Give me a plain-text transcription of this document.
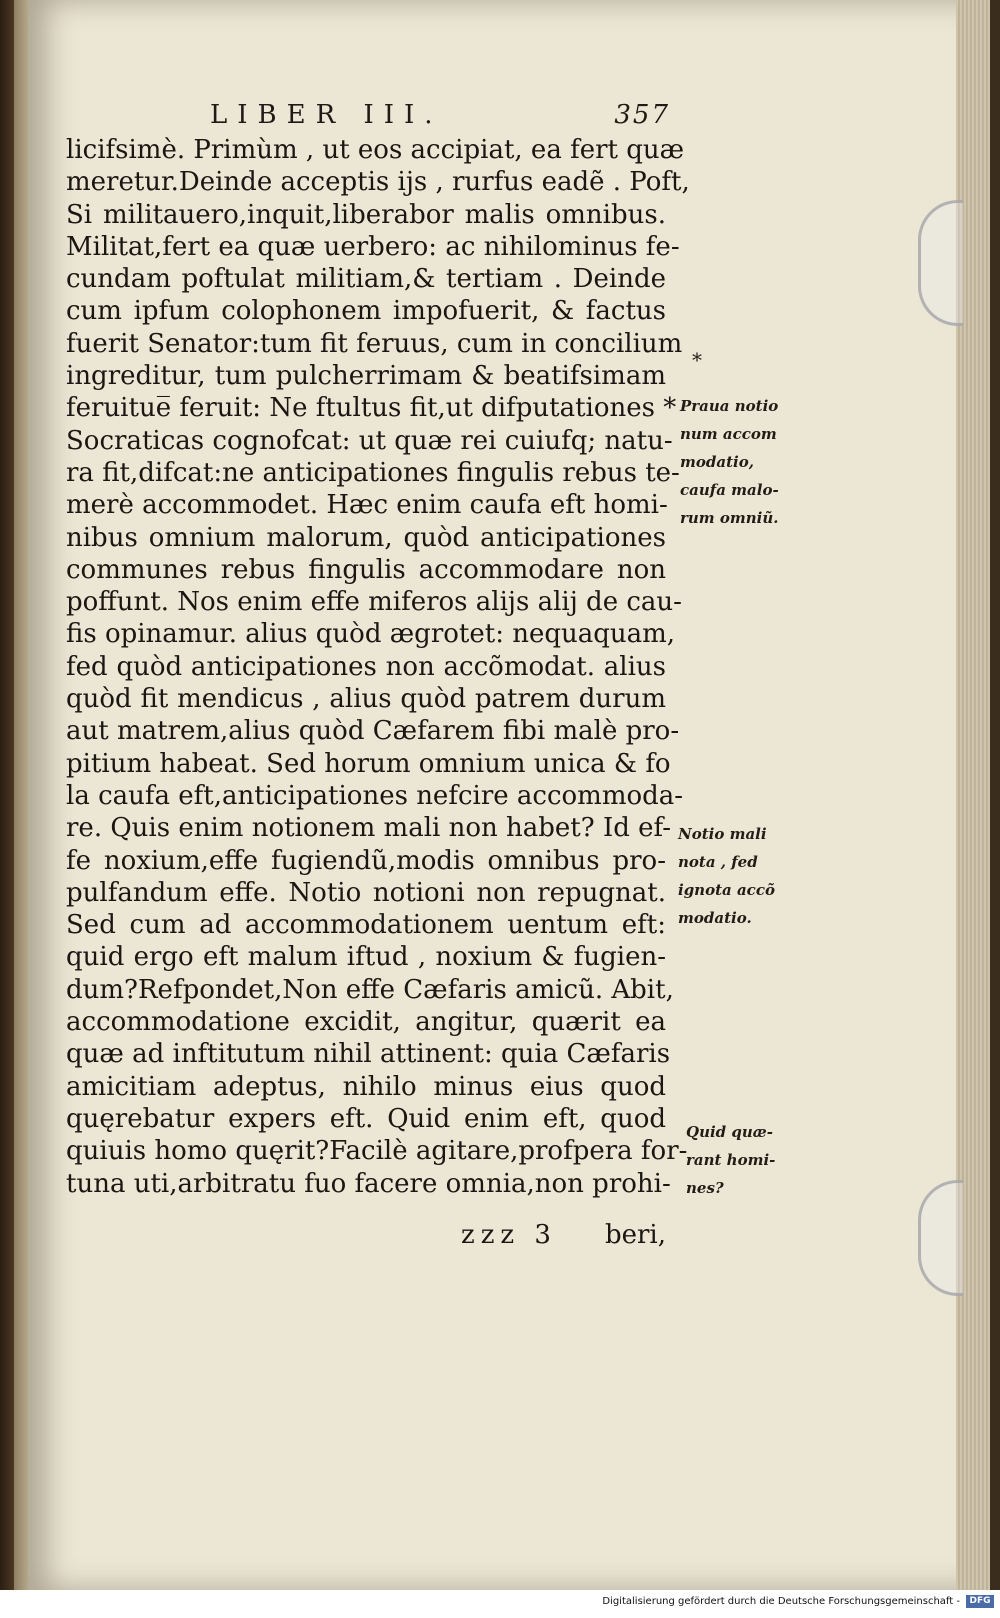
LIBER III.	357
licifsimè. Primùm , ut eos accipiat, ea fert quæ
meretur.Deinde acceptis ijs , rurfus eadẽ . Poft,
Si militauero,inquit,liberabor malis omnibus.
Militat,fert ea quæ uerbero: ac nihilominus fe-
cundam poftulat militiam,& tertiam . Deinde
cum ipfum colophonem impofuerit, & factus
fuerit Senator:tum fit feruus, cum in concilium
ingreditur, tum pulcherrimam & beatifsimam
feruitue̅ feruit: Ne ftultus fit,ut difputationes *
Socraticas cognofcat: ut quæ rei cuiufq; natu-
ra fit,difcat:ne anticipationes fingulis rebus te-
merè accommodet. Hæc enim caufa eft homi-
nibus omnium malorum, quòd anticipationes
communes rebus fingulis accommodare non
poffunt. Nos enim effe miferos alijs alij de cau-
fis opinamur. alius quòd ægrotet: nequaquam,
fed quòd anticipationes non accõmodat. alius
quòd fit mendicus , alius quòd patrem durum
aut matrem,alius quòd Cæfarem fibi malè pro-
pitium habeat. Sed horum omnium unica & fo
la caufa eft,anticipationes nefcire accommoda-
re. Quis enim notionem mali non habet? Id ef-
fe noxium,effe fugiendũ,modis omnibus pro-
pulfandum effe. Notio notioni non repugnat.
Sed cum ad accommodationem uentum eft:
quid ergo eft malum iftud , noxium & fugien-
dum?Refpondet,Non effe Cæfaris amicũ. Abit,
accommodatione excidit, angitur, quærit ea
quæ ad inftitutum nihil attinent: quia Cæfaris
amicitiam adeptus, nihilo minus eius quod
quęrebatur expers eft. Quid enim eft, quod
quiuis homo quęrit?Facilè agitare,profpera for-
tuna uti,arbitratu fuo facere omnia,non prohi-
*
Praua notio
num accom
modatio,
caufa malo-
rum omniũ.
Notio mali
nota , fed
ignota accõ
modatio.
Quid quæ-
rant homi-
nes?
zzz 3 beri,
Digitalisierung gefördert durch die Deutsche Forschungsgemeinschaft -	DFG
